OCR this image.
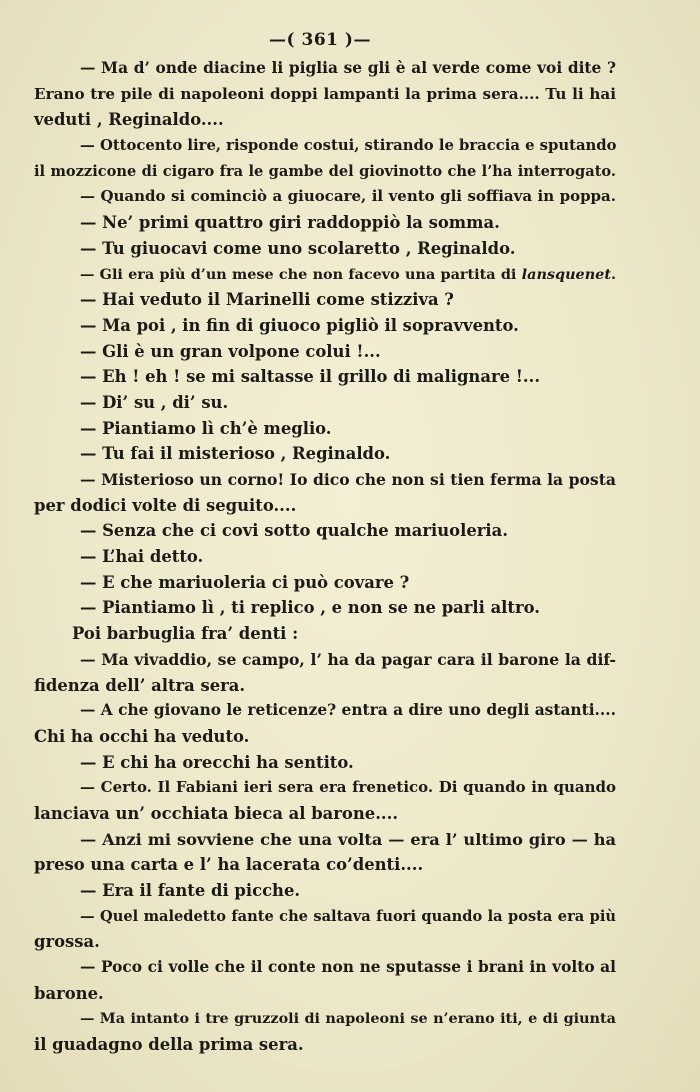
—( 361 )—
— Ma d’ onde diacine li piglia se gli è al verde come voi dite ?
Erano tre pile di napoleoni doppi lampanti la prima sera.... Tu li hai
veduti , Reginaldo....
— Ottocento lire, risponde costui, stirando le braccia e sputando
il mozzicone di cigaro fra le gambe del giovinotto che l’ha interrogato.
— Quando si cominciò a giuocare, il vento gli soffiava in poppa.
— Ne’ primi quattro giri raddoppiò la somma.
— Tu giuocavi come uno scolaretto , Reginaldo.
— Gli era più d’un mese che non facevo una partita di lansquenet.
— Hai veduto il Marinelli come stizziva ?
— Ma poi , in fin di giuoco pigliò il sopravvento.
— Gli è un gran volpone colui !...
— Eh ! eh ! se mi saltasse il grillo di malignare !...
— Di’ su , di’ su.
— Piantiamo lì ch’è meglio.
— Tu fai il misterioso , Reginaldo.
— Misterioso un corno! Io dico che non si tien ferma la posta
per dodici volte di seguito....
— Senza che ci covi sotto qualche mariuoleria.
— L’hai detto.
— E che mariuoleria ci può covare ?
— Piantiamo lì , ti replico , e non se ne parli altro.
Poi barbuglia fra’ denti :
— Ma vivaddio, se campo, l’ ha da pagar cara il barone la dif-
fidenza dell’ altra sera.
— A che giovano le reticenze? entra a dire uno degli astanti....
Chi ha occhi ha veduto.
— E chi ha orecchi ha sentito.
— Certo. Il Fabiani ieri sera era frenetico. Di quando in quando
lanciava un’ occhiata bieca al barone....
— Anzi mi sovviene che una volta — era l’ ultimo giro — ha
preso una carta e l’ ha lacerata co’denti....
— Era il fante di picche.
— Quel maledetto fante che saltava fuori quando la posta era più
grossa.
— Poco ci volle che il conte non ne sputasse i brani in volto al
barone.
— Ma intanto i tre gruzzoli di napoleoni se n’erano iti, e di giunta
il guadagno della prima sera.
